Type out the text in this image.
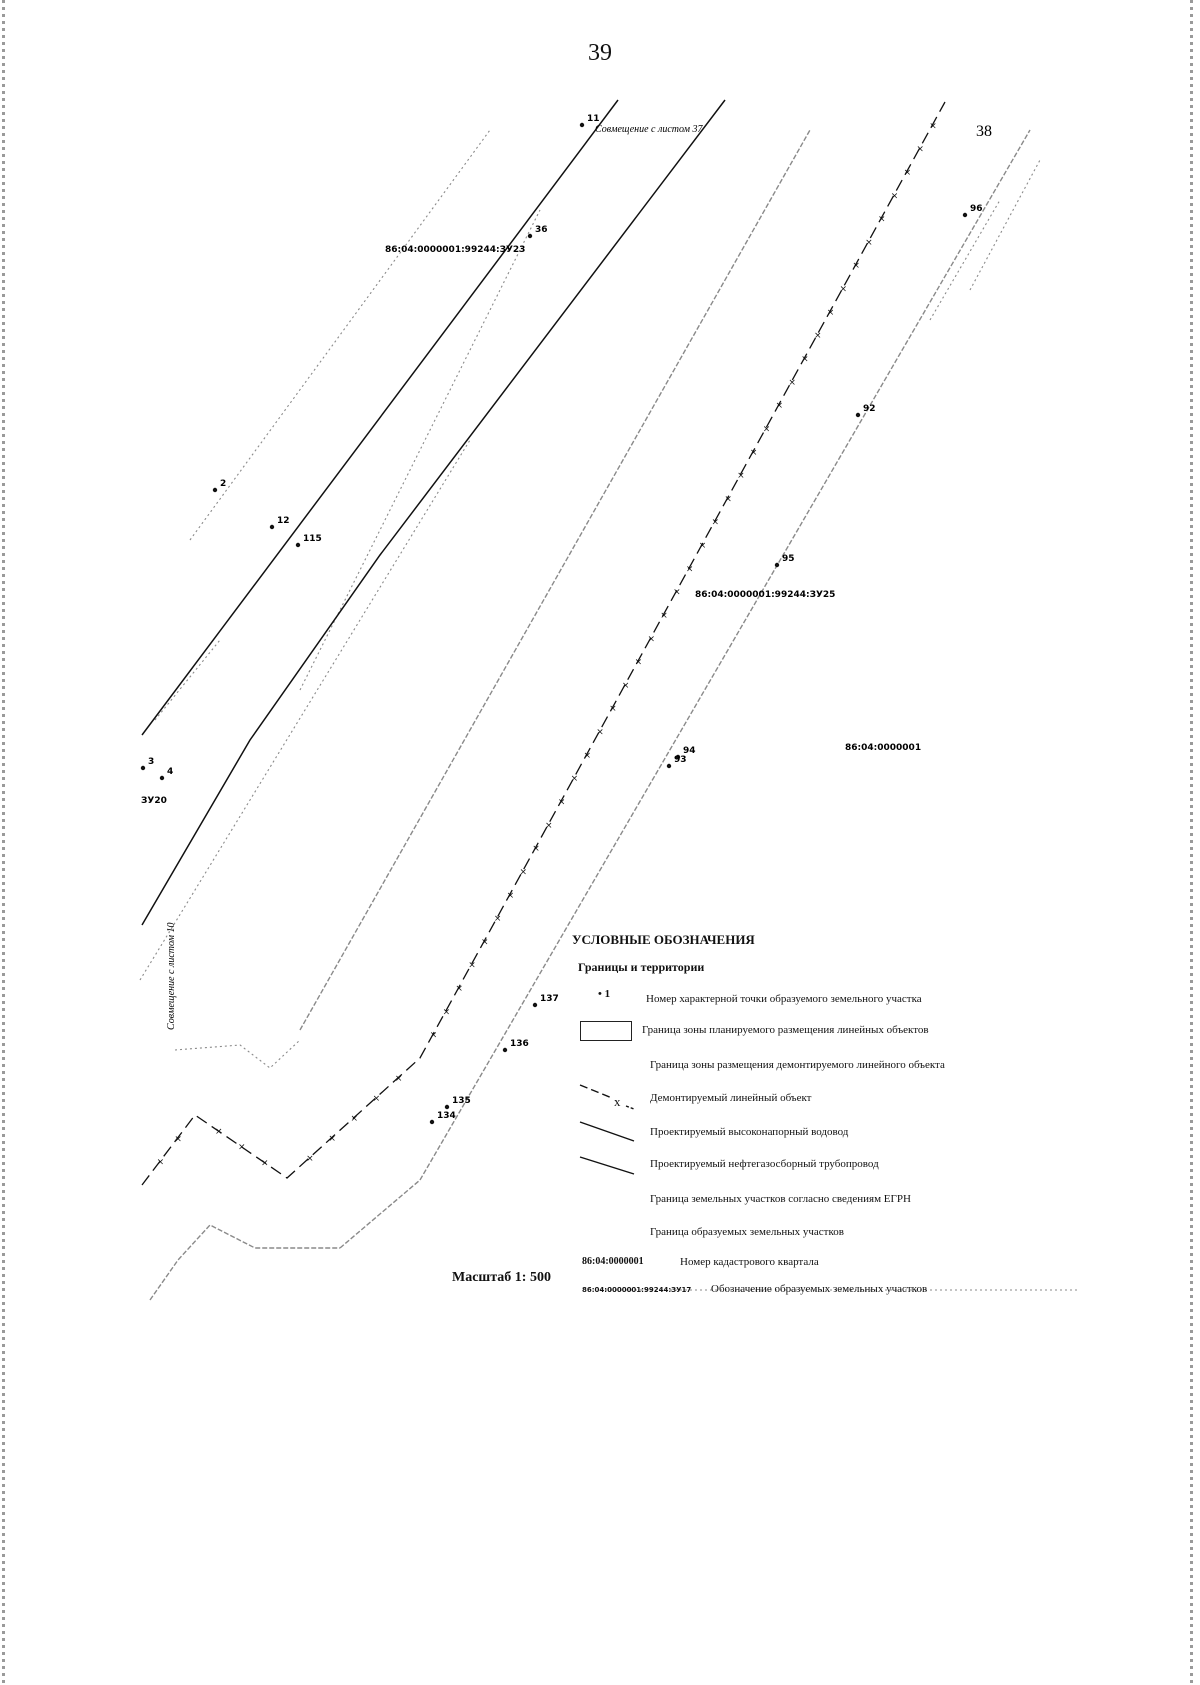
39
×
×
×
×
×	×
×
×
×
×
×
×
×
×
×
×
×
×
×
×
×
×
×
×
×
×
×
×
×
×
×
×
×
×
×
×
×
×
×
×
×
×
×
×
×
×
×
×
×
×
11
36
2
12
115
3
4
96
92
95
94
93
137
136
135
134
Совмещение с листом 37
Совмещение с листом 10
38
86:04:0000001:99244:ЗУ23
86:04:0000001:99244:ЗУ25
ЗУ20
86:04:0000001
x
УСЛОВНЫЕ ОБОЗНАЧЕНИЯ
Границы и территории
• 1	Номер характерной точки образуемого земельного участка
Граница зоны планируемого размещения линейных объектов
Граница зоны размещения демонтируемого линейного объекта
Демонтируемый линейный объект
Проектируемый высоконапорный водовод
Проектируемый нефтегазосборный трубопровод
Граница земельных участков согласно сведениям ЕГРН
Граница образуемых земельных участков
86:04:0000001	Номер кадастрового квартала
86:04:0000001:99244:ЗУ17 Обозначение образуемых земельных участков
Масштаб 1: 500
